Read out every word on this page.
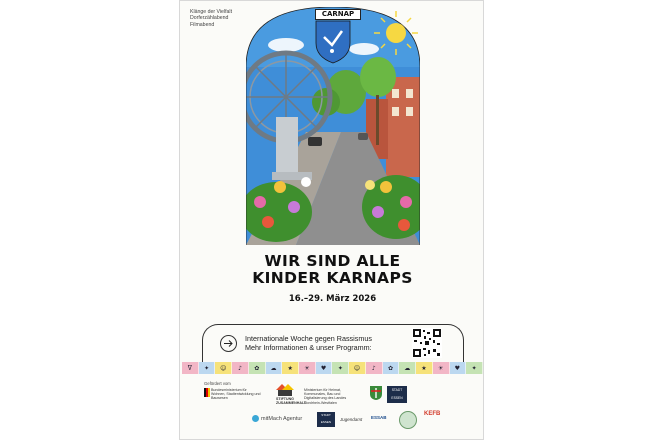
Klänge der Vielfalt
Dorferzählabend
Filmabend
CARNAP
WIR SIND ALLE
KINDER KARNAPS
16.–29. März 2026
Internationale Woche gegen Rassismus
Mehr Informationen & unser Programm:
ᐁ	✦	☺	♪	✿	☁	★	☀	♥	✦	☺	♪	✿	☁	★	☀	♥	✦
Gefördert vom
Bundesministerium für Wohnen, Stadtentwicklung und Bauwesen	STIFTUNG ZUSAMMENHALT
Ministerium für Heimat, Kommunales, Bau und Digitalisierung des Landes Nordrhein-Westfalen
STADT ESSEN
mitMach Agentur
STADT ESSEN	Jugendamt ESSAB
KEFB
